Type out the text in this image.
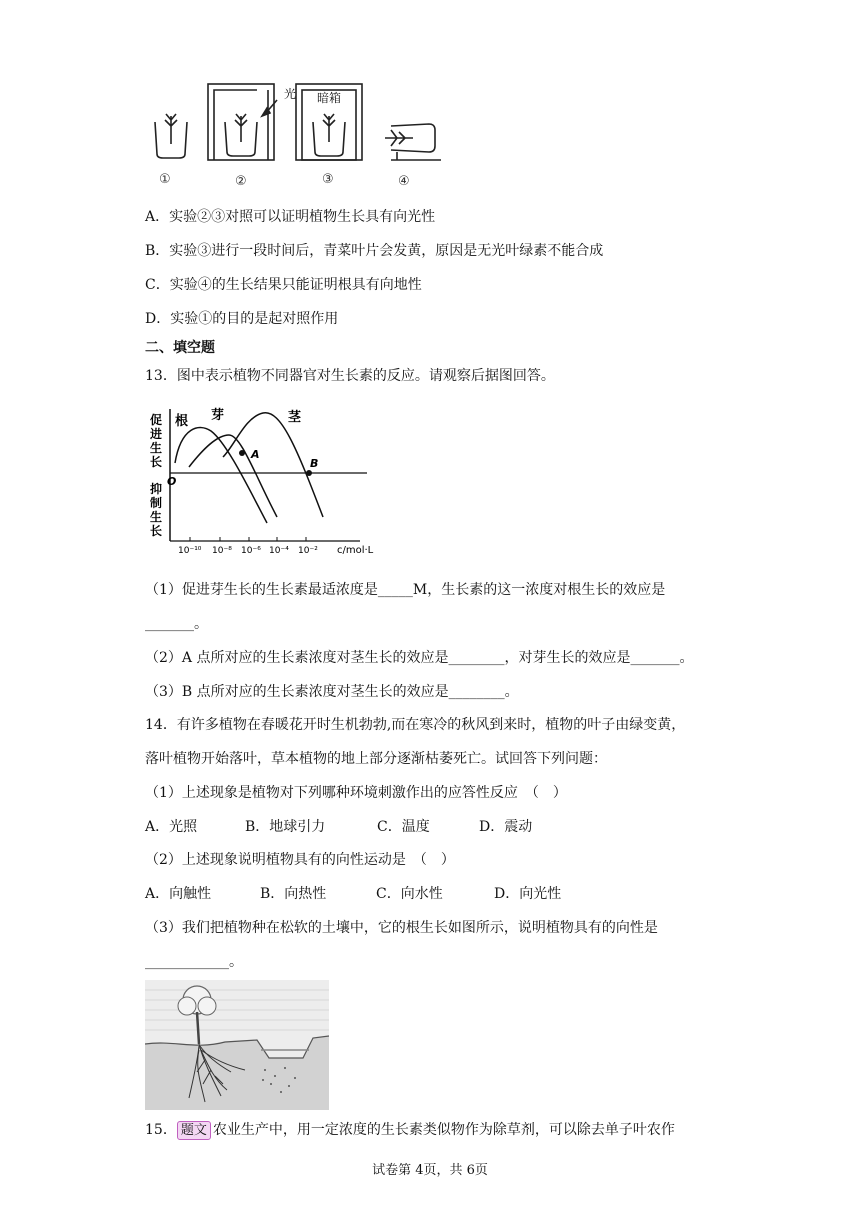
光 暗箱
①	②	③	④
A．实验②③对照可以证明植物生长具有向光性
B．实验③进行一段时间后，青菜叶片会发黄，原因是无光叶绿素不能合成
C．实验④的生长结果只能证明根具有向地性
D．实验①的目的是起对照作用
二、填空题
13．图中表示植物不同器官对生长素的反应。请观察后据图回答。
促
进
生
长
抑
制
生
长
O
根 芽	茎
A
B
10⁻¹⁰ 10⁻⁸ 10⁻⁶ 10⁻⁴ 10⁻² c/mol·L
（1）促进芽生长的生长素最适浓度是_____M，生长素的这一浓度对根生长的效应是
_______。
（2）A 点所对应的生长素浓度对茎生长的效应是________，对芽生长的效应是_______。
（3）B 点所对应的生长素浓度对茎生长的效应是________。
14．有许多植物在春暖花开时生机勃勃,而在寒冷的秋风到来时，植物的叶子由绿变黄，
落叶植物开始落叶，草本植物的地上部分逐渐枯萎死亡。试回答下列问题：
（1）上述现象是植物对下列哪种环境刺激作出的应答性反应　（　）
A．光照	B．地球引力	C．温度	D．震动
（2）上述现象说明植物具有的向性运动是　（　）
A．向触性	B．向热性	C．向水性	D．向光性
（3）我们把植物种在松软的土壤中，它的根生长如图所示，说明植物具有的向性是
____________。
15． 题文 农业生产中，用一定浓度的生长素类似物作为除草剂，可以除去单子叶农作
试卷第 4页，共 6页
